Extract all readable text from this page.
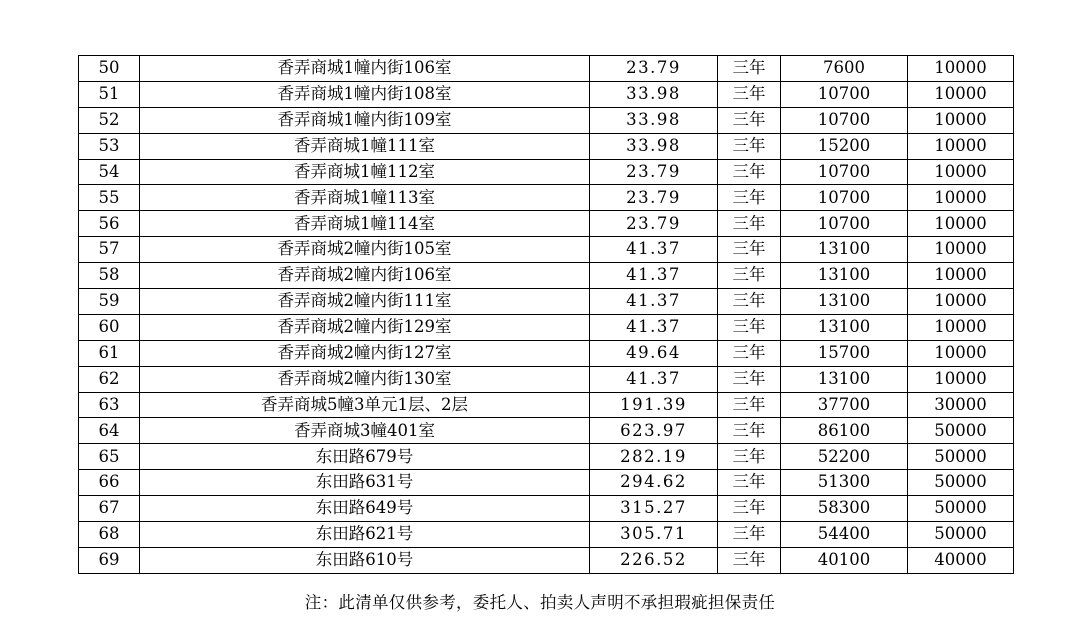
50	香弄商城1幢内街106室	23.79	三年	7600	10000
51	香弄商城1幢内街108室	33.98	三年	10700	10000
52	香弄商城1幢内街109室	33.98	三年	10700	10000
53	香弄商城1幢111室	33.98	三年	15200	10000
54	香弄商城1幢112室	23.79	三年	10700	10000
55	香弄商城1幢113室	23.79	三年	10700	10000
56	香弄商城1幢114室	23.79	三年	10700	10000
57	香弄商城2幢内街105室	41.37	三年	13100	10000
58	香弄商城2幢内街106室	41.37	三年	13100	10000
59	香弄商城2幢内街111室	41.37	三年	13100	10000
60	香弄商城2幢内街129室	41.37	三年	13100	10000
61	香弄商城2幢内街127室	49.64	三年	15700	10000
62	香弄商城2幢内街130室	41.37	三年	13100	10000
63	香弄商城5幢3单元1层、2层	191.39	三年	37700	30000
64	香弄商城3幢401室	623.97	三年	86100	50000
65	东田路679号	282.19	三年	52200	50000
66	东田路631号	294.62	三年	51300	50000
67	东田路649号	315.27	三年	58300	50000
68	东田路621号	305.71	三年	54400	50000
69	东田路610号	226.52	三年	40100	40000
注：此清单仅供参考，委托人、拍卖人声明不承担瑕疵担保责任
